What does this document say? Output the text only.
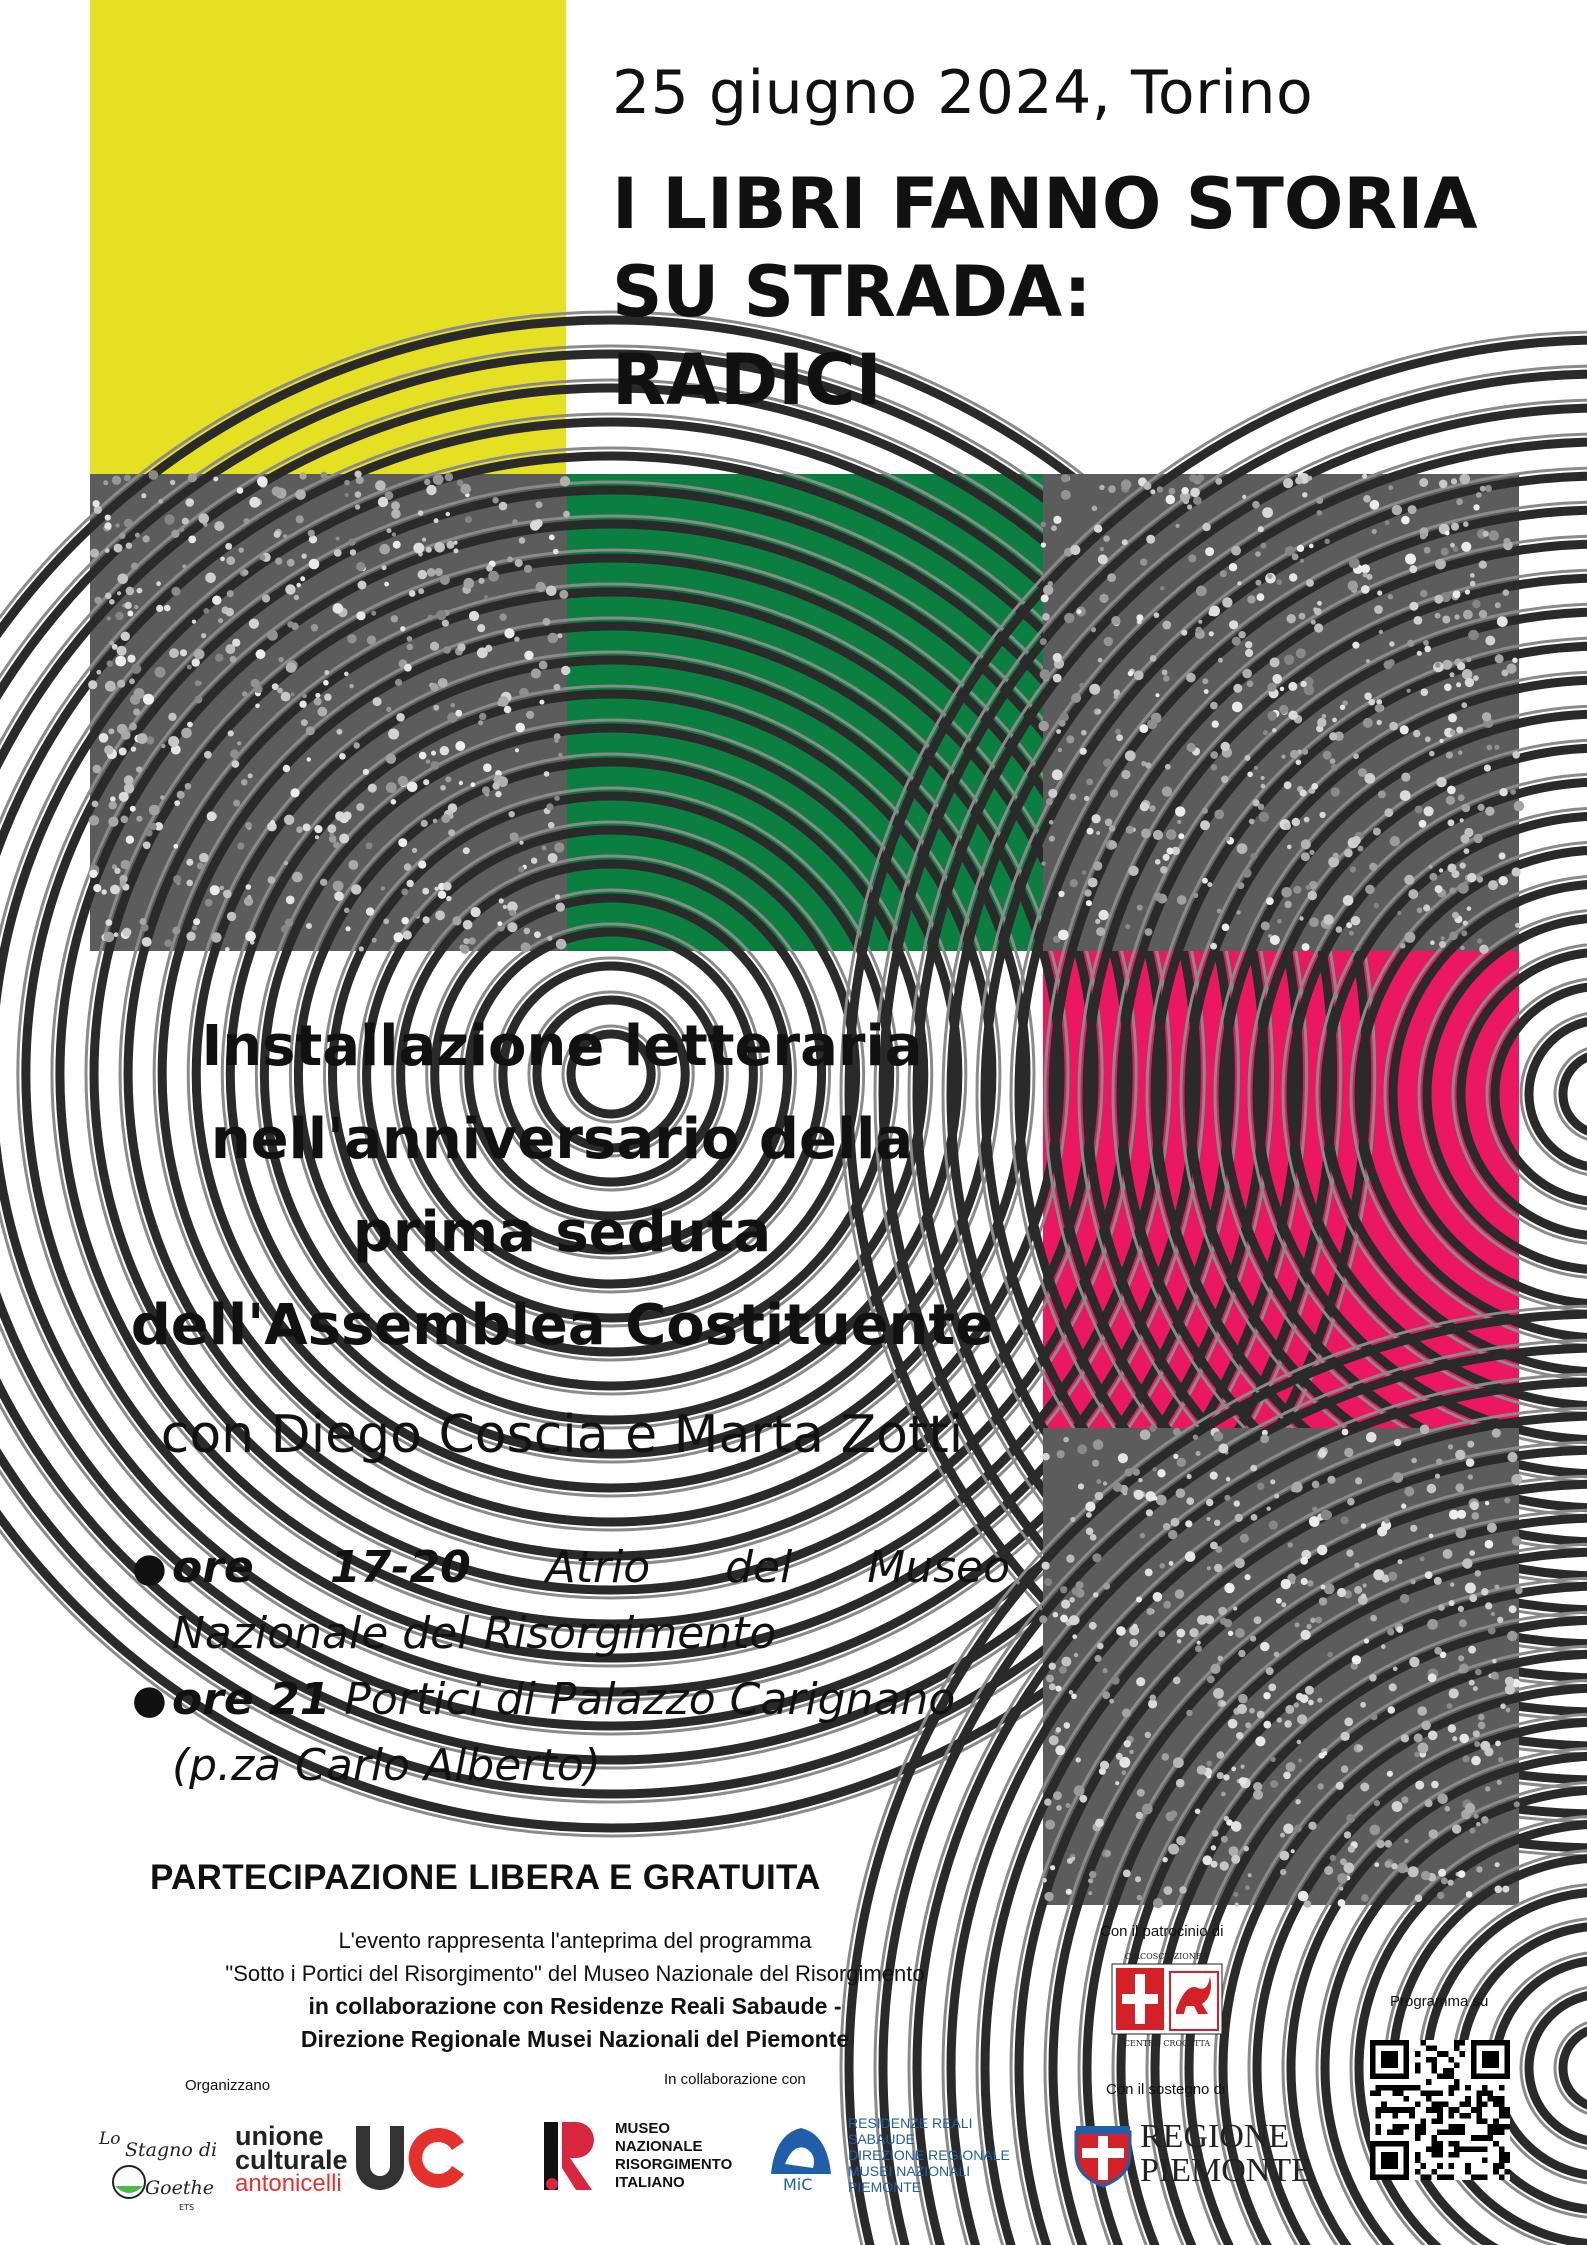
25 giugno 2024, Torino
I LIBRI FANNO STORIA
SU STRADA:
RADICI
Installazione letteraria
nell'anniversario della
prima seduta
dell'Assemblea Costituente
con Diego Coscia e Marta Zotti
● ore 17-20 Atrio del Museo
Nazionale del Risorgimento
● ore 21 Portici di Palazzo Carignano
(p.za Carlo Alberto)
PARTECIPAZIONE LIBERA E GRATUITA
L'evento rappresenta l'anteprima del programma
"Sotto i Portici del Risorgimento" del Museo Nazionale del Risorgimento
in collaborazione con Residenze Reali Sabaude -
Direzione Regionale Musei Nazionali del Piemonte
Organizzano	In collaborazione con
Con il patrocinio di
Con il sostegno di
Programma su
Lo Stagno di
Goethe
ETS
unione
culturale
antonicelli
MUSEO
NAZIONALE
RISORGIMENTO
ITALIANO	MiC
RESIDENZE REALI
SABAUDE
DIREZIONE REGIONALE
MUSEI NAZIONALI
PIEMONTE
CIRCOSCRIZIONE 1
CENTRO CROCETTA
REGIONE
PIEMONTE
